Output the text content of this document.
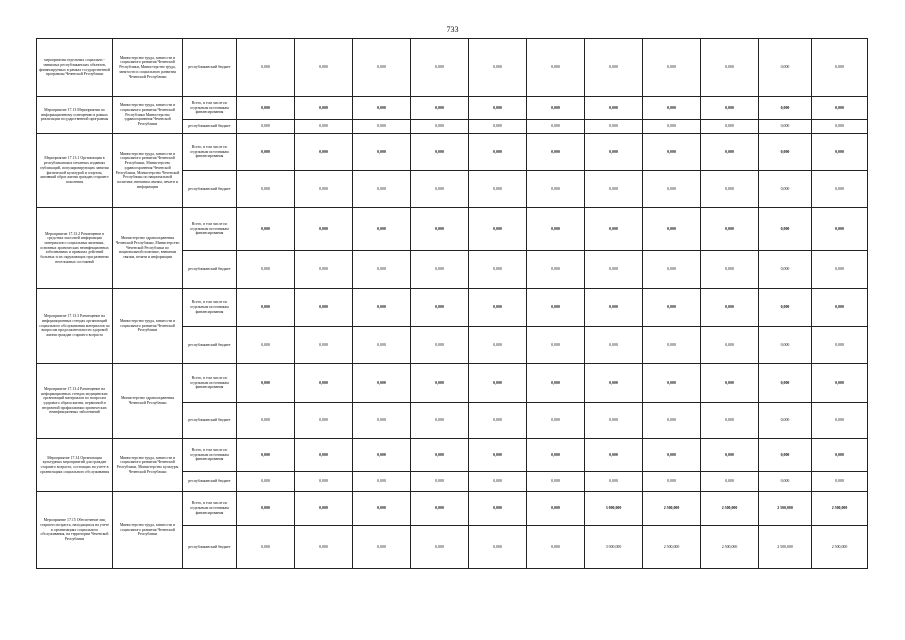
733
мероприятия отдельных социально - значимых республиканских объектов, финансируемых в рамках государственной программы Чеченской Республики	Министерство труда, занятости и социального развития Чеченской Республики, Министерство труда, занятости и социального развития Чеченской Республики	республиканский бюджет	0,000	0,000	0,000	0,000	0,000	0,000	0,000	0,000	0,000	0,000	0,000
Мероприятие 17.13 Мероприятия по информационному освещению в рамках реализации государственной программы	Министерство труда, занятости и социального развития Чеченской Республики Министерство здравоохранения Чеченской Республики	Всего, в том числе по отдельным источникам финансирования	0,000	0,000	0,000	0,000	0,000	0,000	0,000	0,000	0,000	0,000	0,000
		республиканский бюджет	0,000	0,000	0,000	0,000	0,000	0,000	0,000	0,000	0,000	0,000	0,000
Мероприятие 17.13.1 Организация в республиканских печатных изданиях публикаций, популяризирующих занятия физической культурой и спортом, активный образ жизни граждан старшего поколения	Министерство труда, занятости и социального развития Чеченской Республики, Министерство здравоохранения Чеченской Республики, Министерство Чеченской Республики по национальной политике, внешним связям, печати и информации	Всего, в том числе по отдельным источникам финансирования	0,000	0,000	0,000	0,000	0,000	0,000	0,000	0,000	0,000	0,000	0,000
		республиканский бюджет	0,000	0,000	0,000	0,000	0,000	0,000	0,000	0,000	0,000	0,000	0,000
Мероприятие 17.13.2 Размещение в средствах массовой информации материалов о социальных явлениях, основных хронических неинфекционных заболеваниях и правилах действий больных и их окружающих при развитии неотложных состояний	Министерство здравоохранения Чеченской Республики, Министерство Чеченской Республики по национальной политике, внешним связям, печати и информации	Всего, в том числе по отдельным источникам финансирования	0,000	0,000	0,000	0,000	0,000	0,000	0,000	0,000	0,000	0,000	0,000
		республиканский бюджет	0,000	0,000	0,000	0,000	0,000	0,000	0,000	0,000	0,000	0,000	0,000
Мероприятие 17.13.3 Размещение на информационных стендах организаций социального обслуживания материалов по вопросам продолжительности здоровой жизни граждан старшего возраста	Министерство труда, занятости и социального развития Чеченской Республики	Всего, в том числе по отдельным источникам финансирования	0,000	0,000	0,000	0,000	0,000	0,000	0,000	0,000	0,000	0,000	0,000
		республиканский бюджет	0,000	0,000	0,000	0,000	0,000	0,000	0,000	0,000	0,000	0,000	0,000
Мероприятие 17.13.4 Размещение на информационных стендах медицинских организаций материалов по вопросам здорового образа жизни, первичной и вторичной профилактики хронических неинфекционных заболеваний	Министерство здравоохранения Чеченской Республики	Всего, в том числе по отдельным источникам финансирования	0,000	0,000	0,000	0,000	0,000	0,000	0,000	0,000	0,000	0,000	0,000
		республиканский бюджет	0,000	0,000	0,000	0,000	0,000	0,000	0,000	0,000	0,000	0,000	0,000
Мероприятие 17.14 Организация культурных мероприятий для граждан старшего возраста, состоящих на учете в организациях социального обслуживания	Министерство труда, занятости и социального развития Чеченской Республики, Министерство культуры Чеченской Республики	Всего, в том числе по отдельным источникам финансирования	0,000	0,000	0,000	0,000	0,000	0,000	0,000	0,000	0,000	0,000	0,000
		республиканский бюджет	0,000	0,000	0,000	0,000	0,000	0,000	0,000	0,000	0,000	0,000	0,000
Мероприятие 17.15 Обеспечение лиц старшего возраста, находящихся на учете в организациях социального обслуживания, на территории Чеченской Республики	Министерство труда, занятости и социального развития Чеченской Республики	Всего, в том числе по отдельным источникам финансирования	0,000	0,000	0,000	0,000	0,000	0,000	3 000,000	2 500,000	2 500,000	2 500,000	2 500,000
		республиканский бюджет	0,000	0,000	0,000	0,000	0,000	0,000	3 000,000	2 500,000	2 500,000	2 500,000	2 500,000
